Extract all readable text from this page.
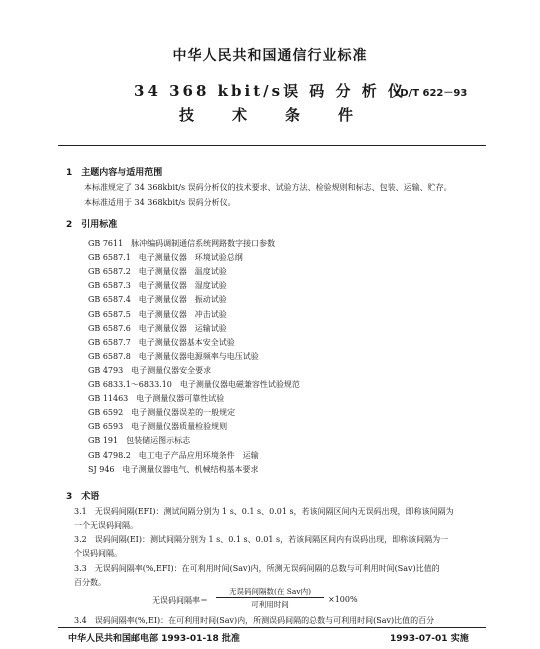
中华人民共和国通信行业标准
34 368 kbit/s误 码 分 析 仪
技术条件
YD/T 622－93
1　主题内容与适用范围
本标准规定了 34 368kbit/s 误码分析仪的技术要求、试验方法、检验规则和标志、包装、运输、贮存。
本标准适用于 34 368kbit/s 误码分析仪。
2　引用标准
GB 7611　脉冲编码调制通信系统网路数字接口参数
GB 6587.1　电子测量仪器　环境试验总纲
GB 6587.2　电子测量仪器　温度试验
GB 6587.3　电子测量仪器　湿度试验
GB 6587.4　电子测量仪器　振动试验
GB 6587.5　电子测量仪器　冲击试验
GB 6587.6　电子测量仪器　运输试验
GB 6587.7　电子测量仪器基本安全试验
GB 6587.8　电子测量仪器电源频率与电压试验
GB 4793　电子测量仪器安全要求
GB 6833.1～6833.10　电子测量仪器电磁兼容性试验规范
GB 11463　电子测量仪器可靠性试验
GB 6592　电子测量仪器误差的一般规定
GB 6593　电子测量仪器质量检验规则
GB 191　包装储运图示标志
GB 4798.2　电工电子产品应用环境条件　运输
SJ 946　电子测量仪器电气、机械结构基本要求
3　术语
3.1　无误码间隔(EFI)：测试间隔分别为 1 s、0.1 s、0.01 s，若该间隔区间内无误码出现，即称该间隔为
一个无误码间隔。
3.2　误码间隔(EI)：测试间隔分别为 1 s、0.1 s、0.01 s，若该间隔区间内有误码出现，即称该间隔为一
个误码间隔。
3.3　无误码间隔率(%,EFI)：在可利用时间(Sav)内，所测无误码间隔的总数与可利用时间(Sav)比值的
百分数。
无误码间隔率＝
无误码间隔数(在 Sav内)
可利用时间
×100%
3.4　误码间隔率(%,EI)：在可利用时间(Sav)内，所测误码间隔的总数与可利用时间(Sav)比值的百分
中华人民共和国邮电部 1993-01-18 批准	1993-07-01 实施
